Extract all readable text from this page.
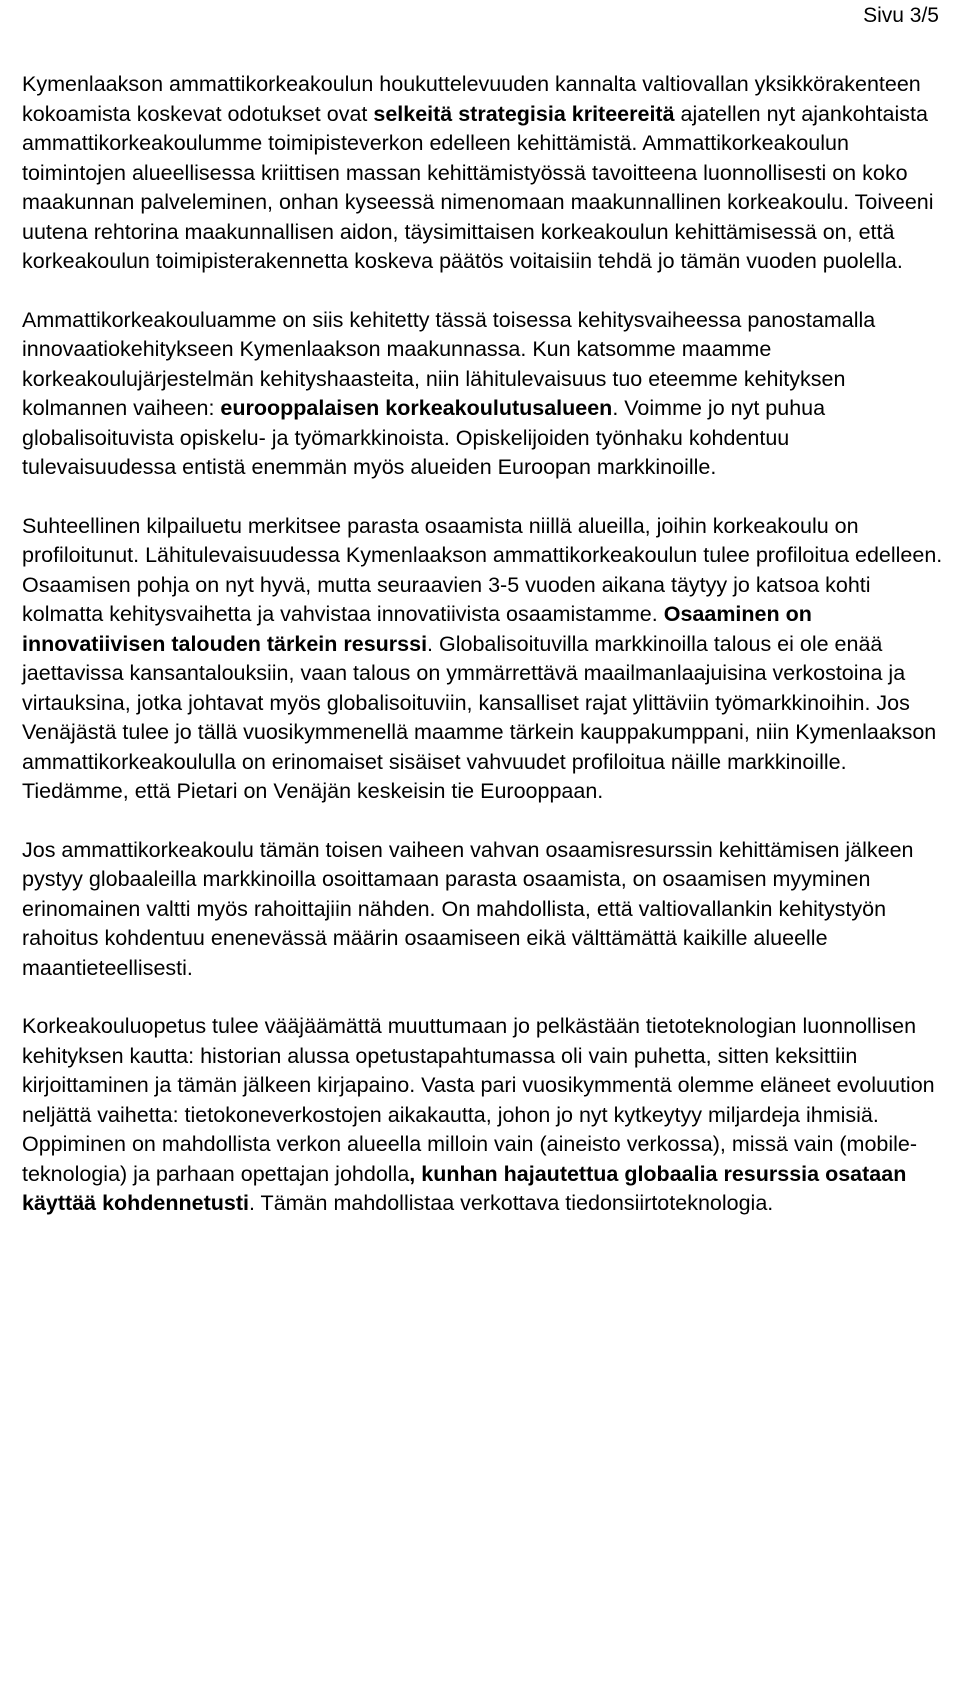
Sivu 3/5

Kymenlaakson ammattikorkeakoulun houkuttelevuuden kannalta valtiovallan yksikkörakenteen kokoamista koskevat odotukset ovat selkeitä strategisia kriteereitä ajatellen nyt ajankohtaista ammattikorkeakoulumme toimipisteverkon edelleen kehittämistä. Ammattikorkeakoulun toimintojen alueellisessa kriittisen massan kehittämistyössä tavoitteena luonnollisesti on koko maakunnan palveleminen, onhan kyseessä nimenomaan maakunnallinen korkeakoulu. Toiveeni uutena rehtorina maakunnallisen aidon, täysimittaisen korkeakoulun kehittämisessä on, että korkeakoulun toimipisterakennetta koskeva päätös voitaisiin tehdä jo tämän vuoden puolella.

Ammattikorkeakouluamme on siis kehitetty tässä toisessa kehitysvaiheessa panostamalla innovaatiokehitykseen Kymenlaakson maakunnassa. Kun katsomme maamme korkeakoulujärjestelmän kehityshaasteita, niin lähitulevaisuus tuo eteemme kehityksen kolmannen vaiheen: eurooppalaisen korkeakoulutusalueen. Voimme jo nyt puhua globalisoituvista opiskelu- ja työmarkkinoista. Opiskelijoiden työnhaku kohdentuu tulevaisuudessa entistä enemmän myös alueiden Euroopan markkinoille.

Suhteellinen kilpailuetu merkitsee parasta osaamista niillä alueilla, joihin korkeakoulu on profiloitunut. Lähitulevaisuudessa Kymenlaakson ammattikorkeakoulun tulee profiloitua edelleen. Osaamisen pohja on nyt hyvä, mutta seuraavien 3-5 vuoden aikana täytyy jo katsoa kohti kolmatta kehitysvaihetta ja vahvistaa innovatiivista osaamistamme. Osaaminen on innovatiivisen talouden tärkein resurssi. Globalisoituvilla markkinoilla talous ei ole enää jaettavissa kansantalouksiin, vaan talous on ymmärrettävä maailmanlaajuisina verkostoina ja virtauksina, jotka johtavat myös globalisoituviin, kansalliset rajat ylittäviin työmarkkinoihin. Jos Venäjästä tulee jo tällä vuosikymmenellä maamme tärkein kauppakumppani, niin Kymenlaakson ammattikorkeakoululla on erinomaiset sisäiset vahvuudet profiloitua näille markkinoille. Tiedämme, että Pietari on Venäjän keskeisin tie Eurooppaan.

Jos ammattikorkeakoulu tämän toisen vaiheen vahvan osaamisresurssin kehittämisen jälkeen pystyy globaaleilla markkinoilla osoittamaan parasta osaamista, on osaamisen myyminen erinomainen valtti myös rahoittajiin nähden. On mahdollista, että valtiovallankin kehitystyön rahoitus kohdentuu enenevässä määrin osaamiseen eikä välttämättä kaikille alueelle maantieteellisesti.

Korkeakouluopetus tulee vääjäämättä muuttumaan jo pelkästään tietoteknologian luonnollisen kehityksen kautta: historian alussa opetustapahtumassa oli vain puhetta, sitten keksittiin kirjoittaminen ja tämän jälkeen kirjapaino. Vasta pari vuosikymmentä olemme eläneet evoluution neljättä vaihetta: tietokoneverkostojen aikakautta, johon jo nyt kytkeytyy miljardeja ihmisiä. Oppiminen on mahdollista verkon alueella milloin vain (aineisto verkossa), missä vain (mobile-teknologia) ja parhaan opettajan johdolla, kunhan hajautettua globaalia resurssia osataan käyttää kohdennetusti. Tämän mahdollistaa verkottava tiedonsiirtoteknologia.
